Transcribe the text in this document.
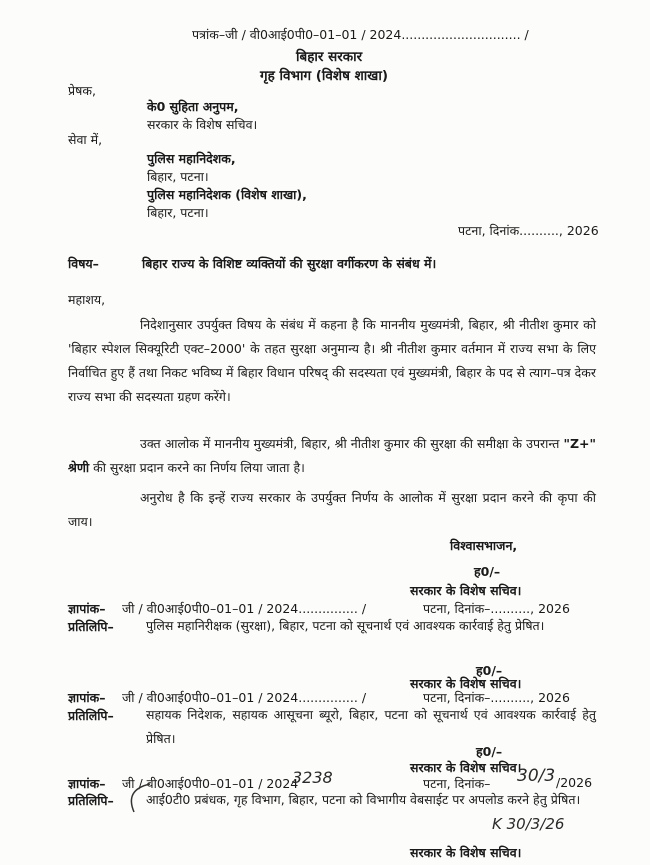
पत्रांक–जी / वी0आई0पी0–01–01 / 2024.............................. /
बिहार सरकार
गृह विभाग (विशेष शाखा)
प्रेषक,
के0 सुहिता अनुपम,
सरकार के विशेष सचिव।
सेवा में,
पुलिस महानिदेशक,
बिहार, पटना।
पुलिस महानिदेशक (विशेष शाखा),
बिहार, पटना।
पटना, दिनांक.........., 2026
विषय–	बिहार राज्य के विशिष्ट व्यक्तियों की सुरक्षा वर्गीकरण के संबंध में।
महाशय,
निदेशानुसार उपर्युक्त विषय के संबंध में कहना है कि माननीय मुख्यमंत्री, बिहार, श्री नीतीश कुमार को 'बिहार स्पेशल सिक्यूरिटी एक्ट–2000' के तहत सुरक्षा अनुमान्य है। श्री नीतीश कुमार वर्तमान में राज्य सभा के लिए निर्वाचित हुए हैं तथा निकट भविष्य में बिहार विधान परिषद् की सदस्यता एवं मुख्यमंत्री, बिहार के पद से त्याग–पत्र देकर राज्य सभा की सदस्यता ग्रहण करेंगे।
उक्त आलोक में माननीय मुख्यमंत्री, बिहार, श्री नीतीश कुमार की सुरक्षा की समीक्षा के उपरान्त "Z+" श्रेणी की सुरक्षा प्रदान करने का निर्णय लिया जाता है।
अनुरोध है कि इन्हें राज्य सरकार के उपर्युक्त निर्णय के आलोक में सुरक्षा प्रदान करने की कृपा की जाय।
विश्वासभाजन,
ह0/–
सरकार के विशेष सचिव।
ज्ञापांक– जी / वी0आई0पी0–01–01 / 2024............... /	पटना, दिनांक–.........., 2026
प्रतिलिपि–	पुलिस महानिरीक्षक (सुरक्षा), बिहार, पटना को सूचनार्थ एवं आवश्यक कार्रवाई हेतु प्रेषित।
ह0/–
सरकार के विशेष सचिव।
ज्ञापांक– जी / वी0आई0पी0–01–01 / 2024............... /	पटना, दिनांक–.........., 2026
प्रतिलिपि–	सहायक निदेशक, सहायक आसूचना ब्यूरो, बिहार, पटना को सूचनार्थ एवं आवश्यक कार्रवाई हेतु प्रेषित।
ह0/–
सरकार के विशेष सचिव।
ज्ञापांक– जी / वी0आई0पी0–01–01 / 2024
3238	पटना, दिनांक– 30/3 /2026
प्रतिलिपि–	आई0टी0 प्रबंधक, गृह विभाग, बिहार, पटना को विभागीय वेबसाईट पर अपलोड करने हेतु प्रेषित।
K 30/3/26
सरकार के विशेष सचिव।
